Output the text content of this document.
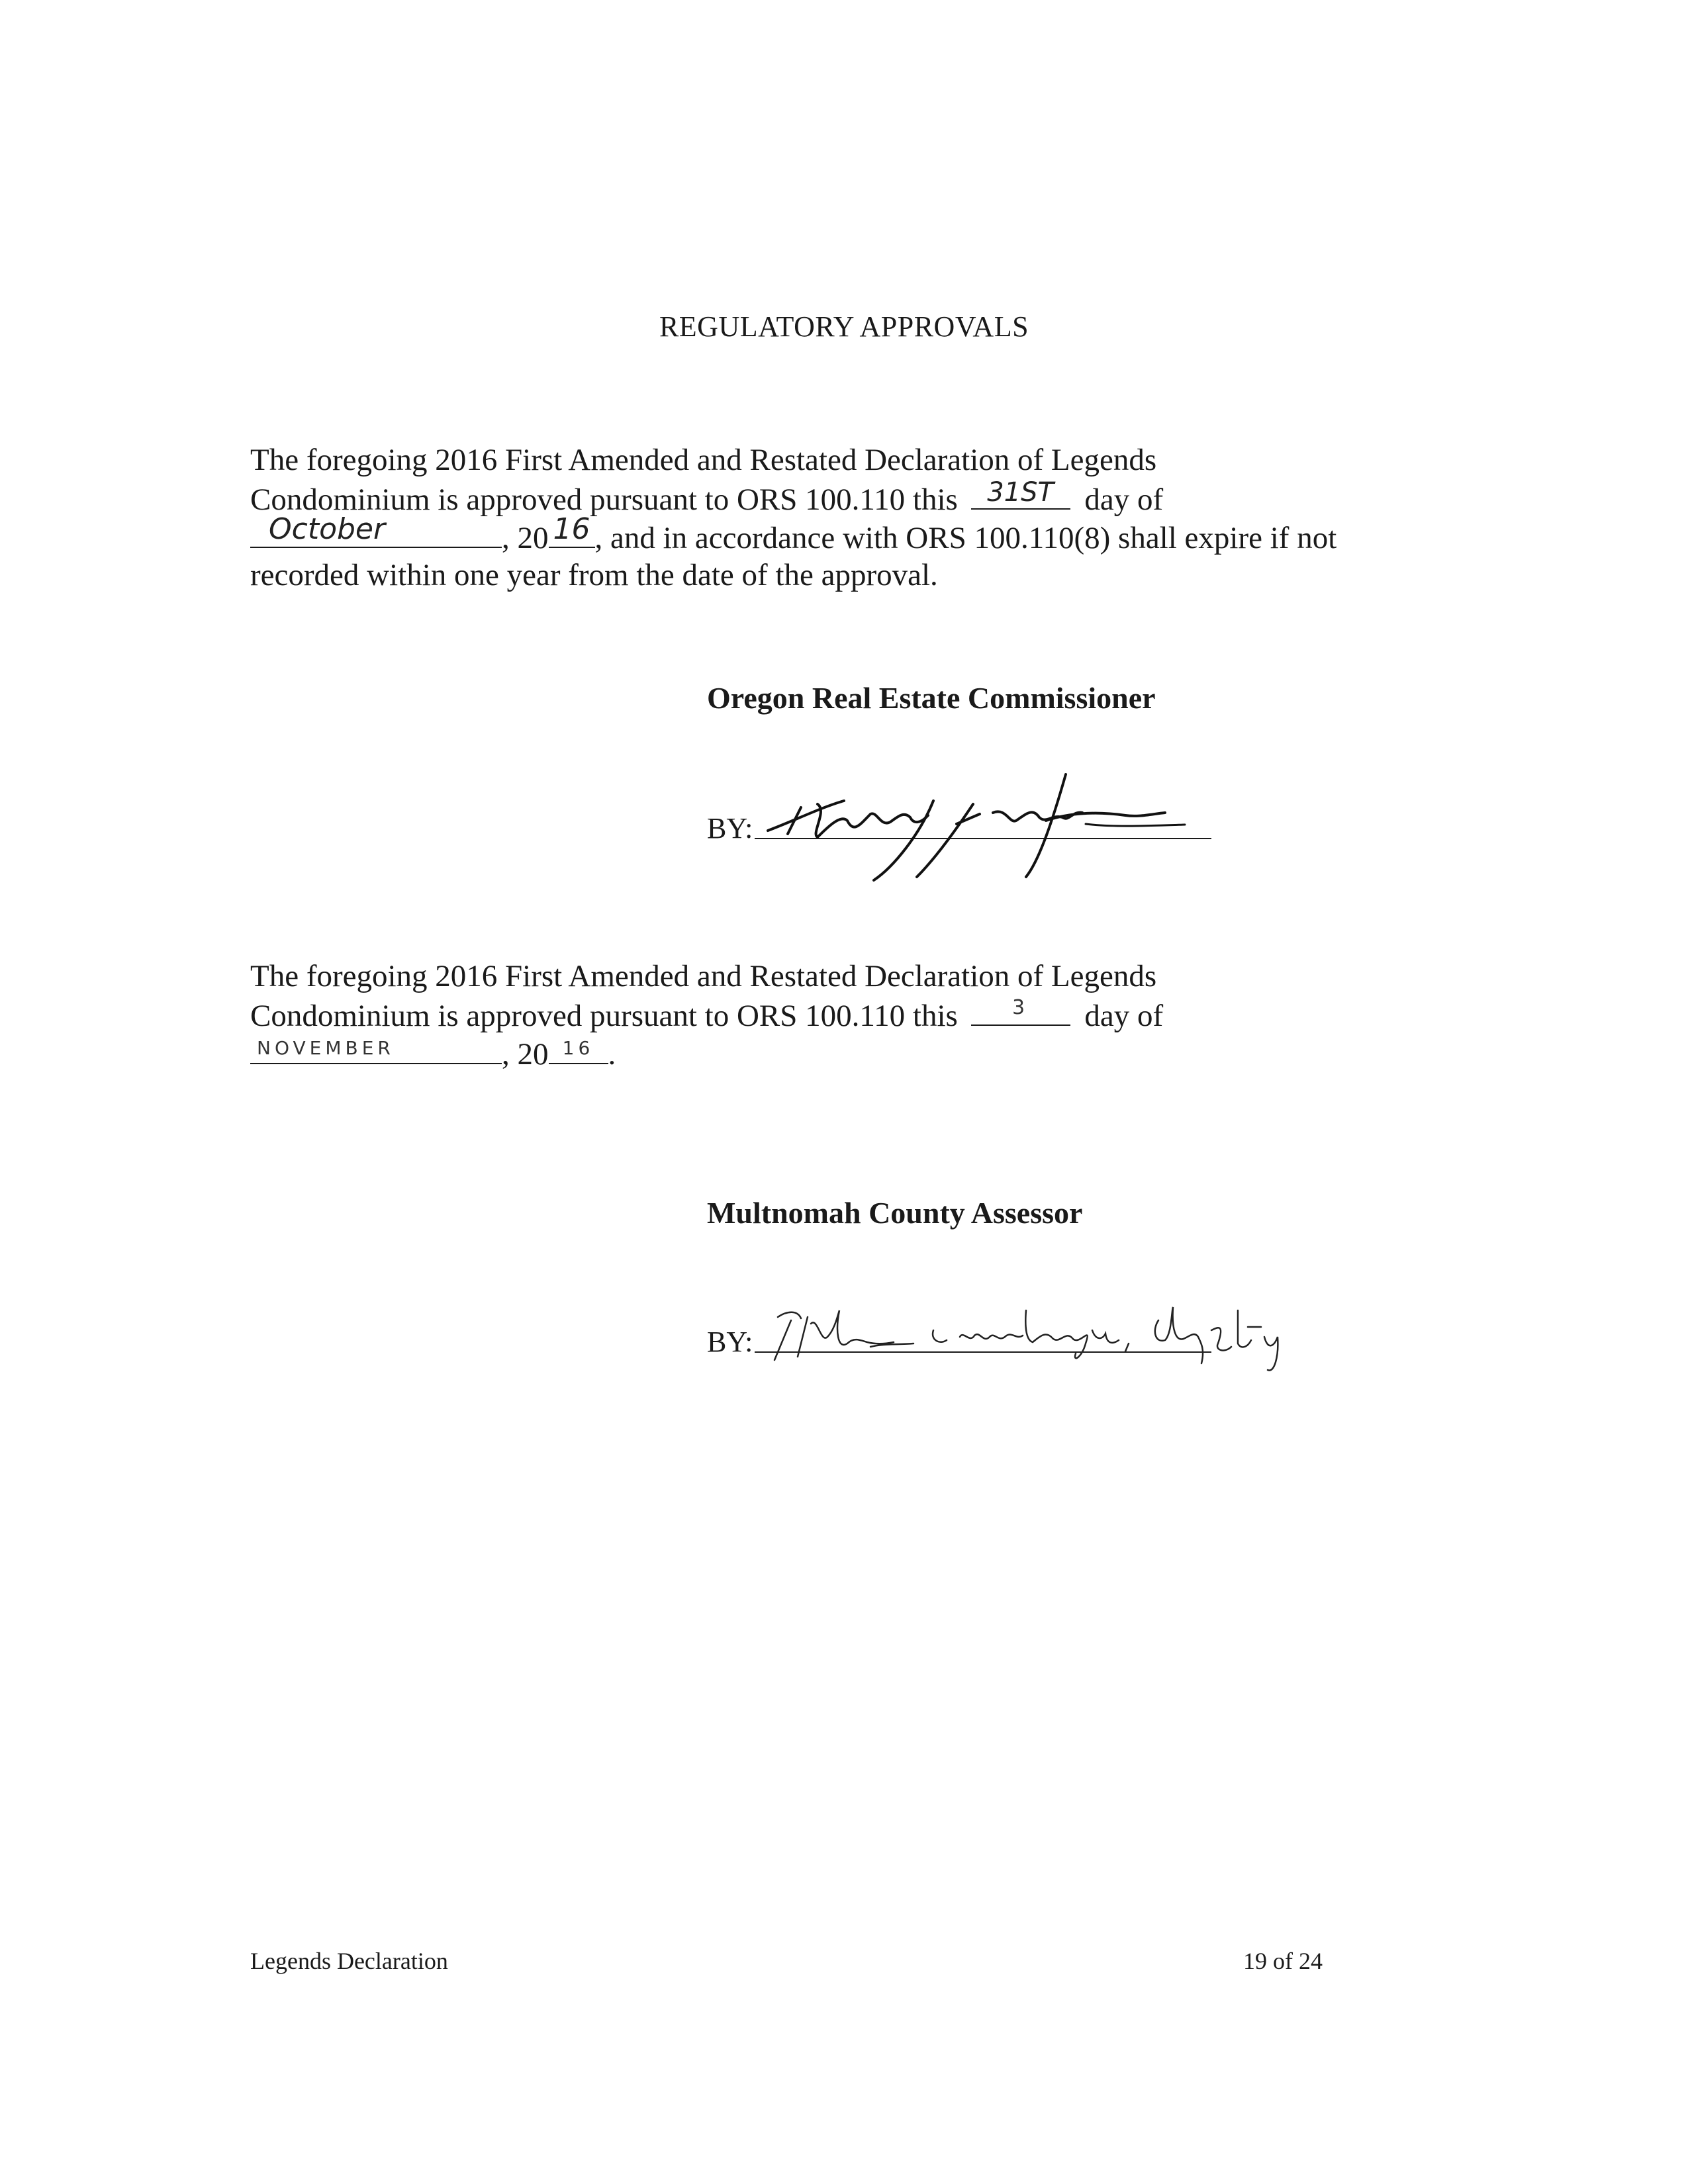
REGULATORY APPROVALS
The foregoing 2016 First Amended and Restated Declaration of Legends
Condominium is approved pursuant to ORS 100.110 this	31ST day of
October	, 20 16 , and in accordance with ORS 100.110(8) shall expire if not
recorded within one year from the date of the approval.
Oregon Real Estate Commissioner
BY:
The foregoing 2016 First Amended and Restated Declaration of Legends
Condominium is approved pursuant to ORS 100.110 this	3	day of
NOVEMBER	, 20 16 .
Multnomah County Assessor
BY:
Legends Declaration	19 of 24
